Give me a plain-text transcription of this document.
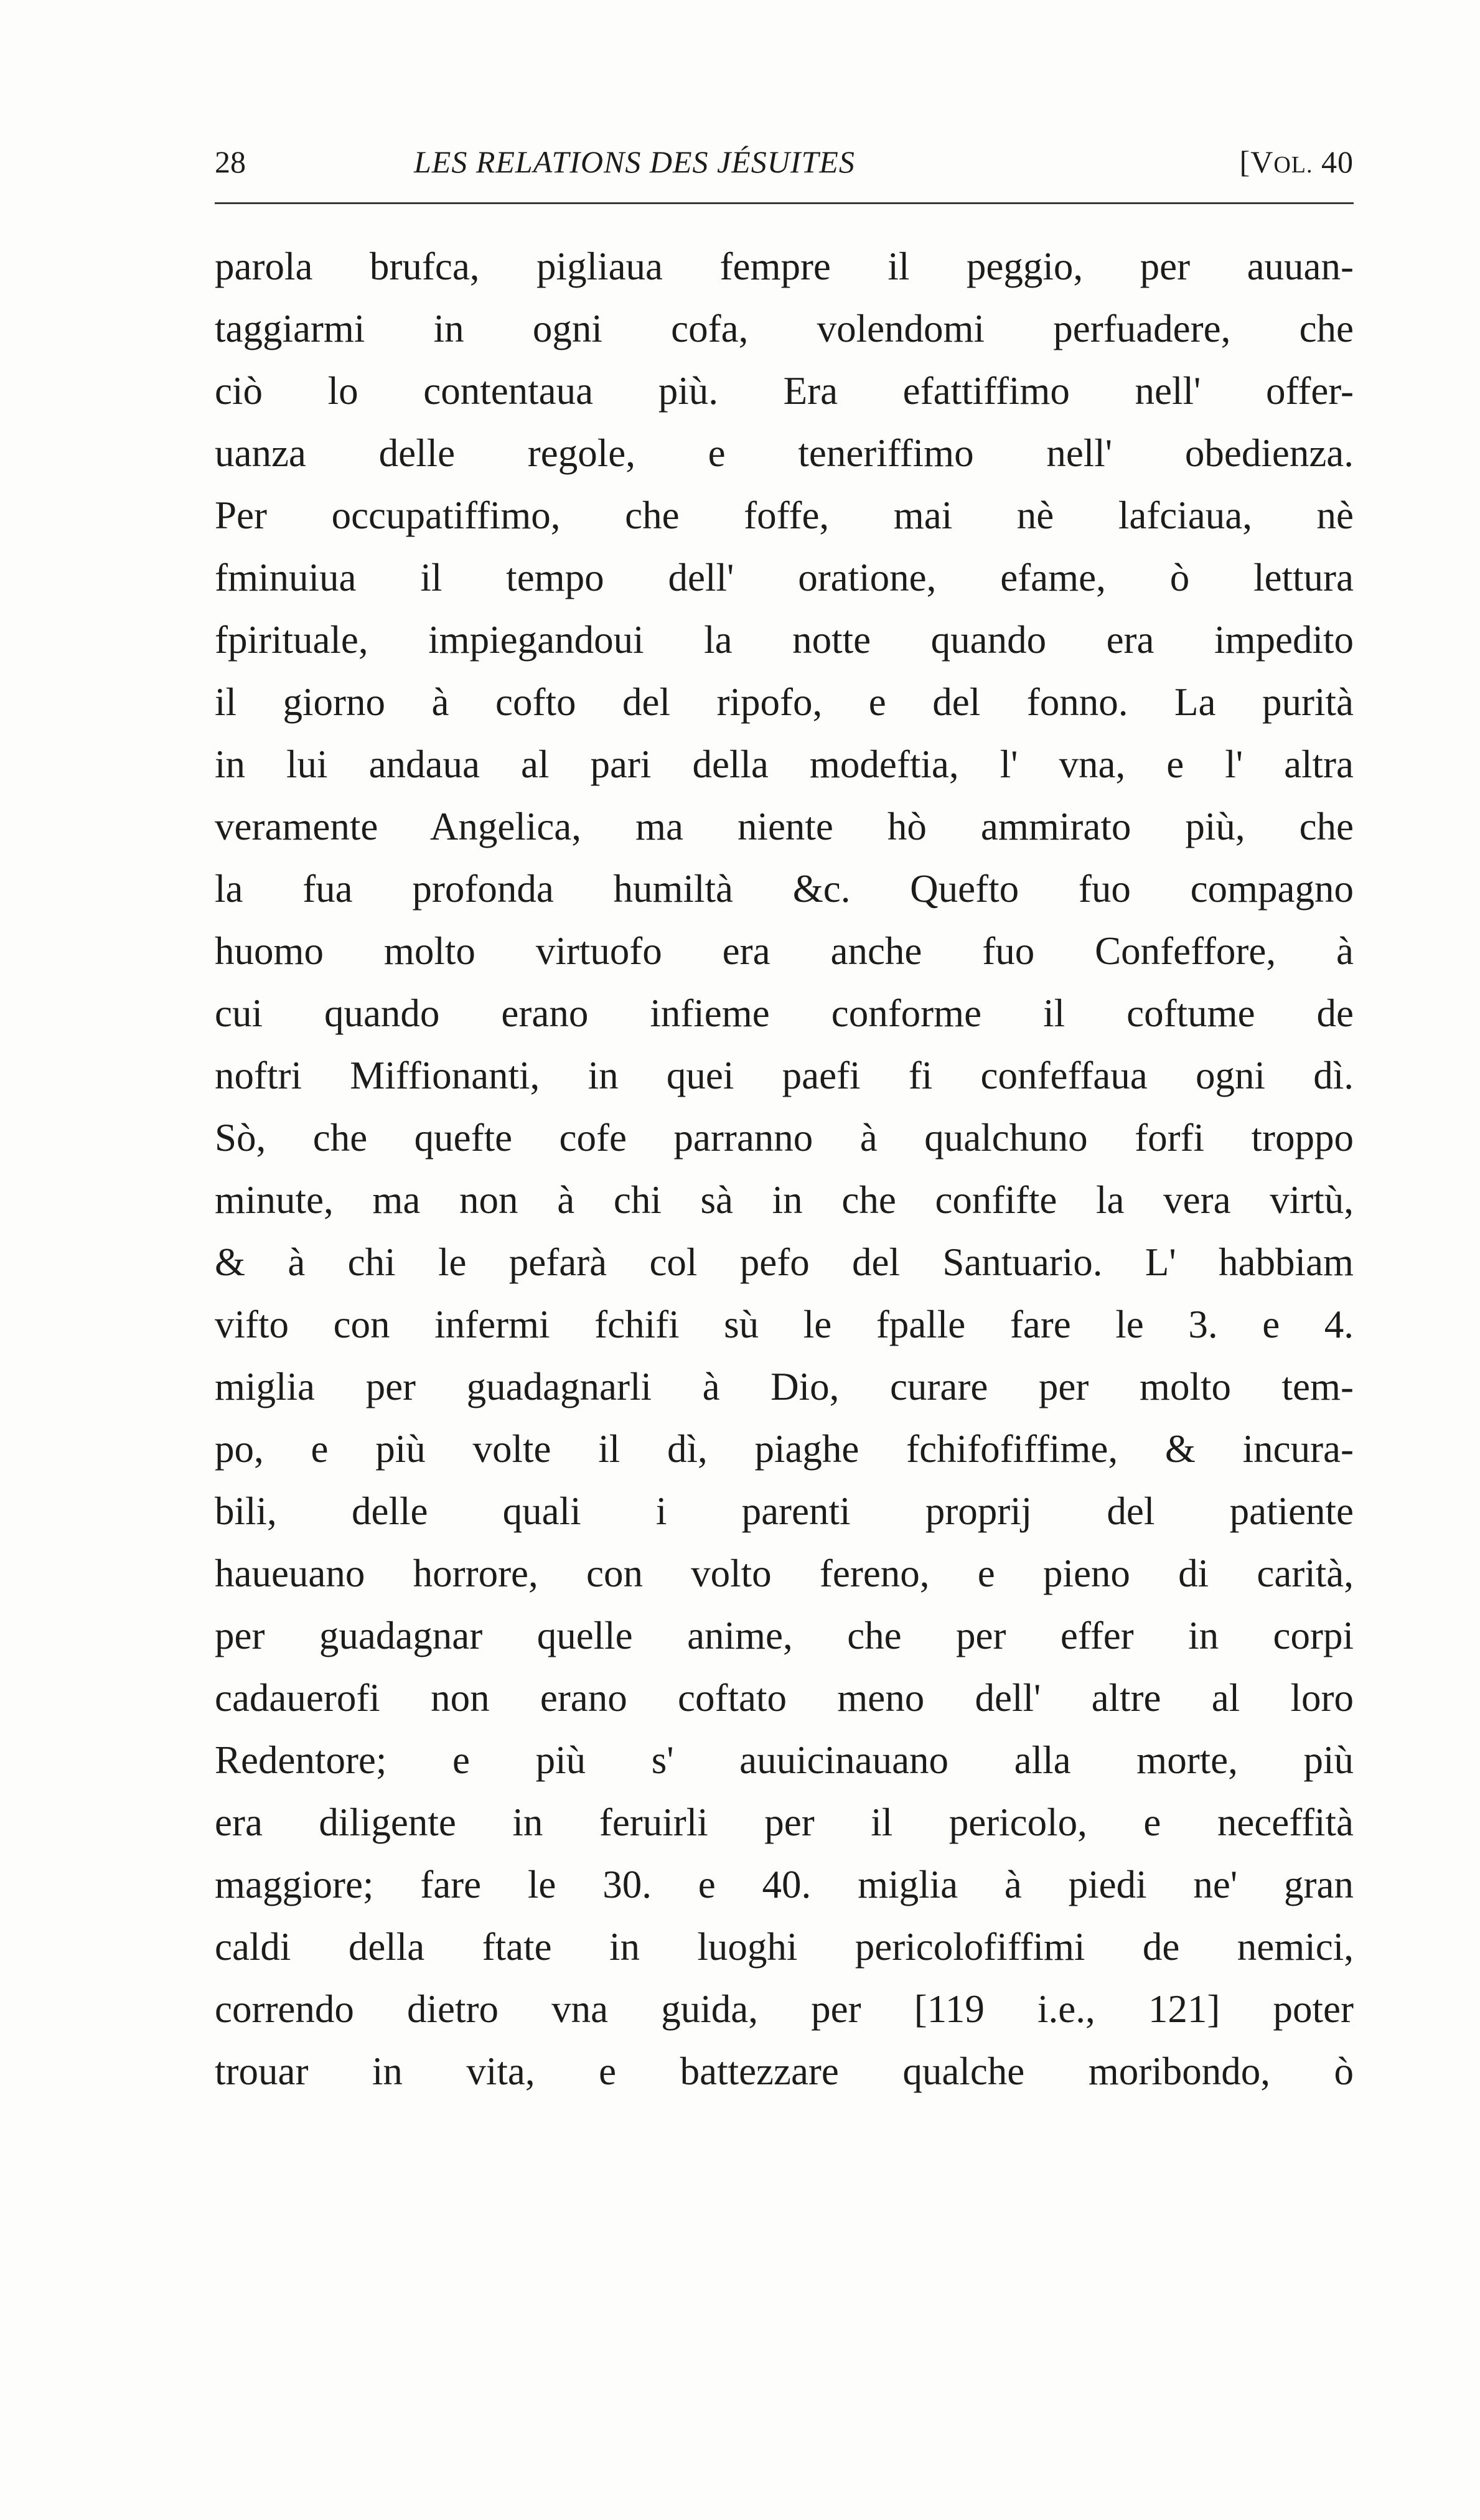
28	LES RELATIONS DES JÉSUITES	[VOL. 40
parola brufca, pigliaua fempre il peggio, per auuan-
taggiarmi in ogni cofa, volendomi perfuadere, che
ciò lo contentaua più. Era efattiffimo nell' offer-
uanza delle regole, e teneriffimo nell' obedienza.
Per occupatiffimo, che foffe, mai nè lafciaua, nè
fminuiua il tempo dell' oratione, efame, ò lettura
fpirituale, impiegandoui la notte quando era impedito
il giorno à cofto del ripofo, e del fonno. La purità
in lui andaua al pari della modeftia, l' vna, e l' altra
veramente Angelica, ma niente hò ammirato più, che
la fua profonda humiltà &c. Quefto fuo compagno
huomo molto virtuofo era anche fuo Confeffore, à
cui quando erano infieme conforme il coftume de
noftri Miffionanti, in quei paefi fi confeffaua ogni dì.
Sò, che quefte cofe parranno à qualchuno forfi troppo
minute, ma non à chi sà in che confifte la vera virtù,
& à chi le pefarà col pefo del Santuario. L' habbiam
vifto con infermi fchifi sù le fpalle fare le 3. e 4.
miglia per guadagnarli à Dio, curare per molto tem-
po, e più volte il dì, piaghe fchifofiffime, & incura-
bili, delle quali i parenti proprij del patiente
haueuano horrore, con volto fereno, e pieno di carità,
per guadagnar quelle anime, che per effer in corpi
cadauerofi non erano coftato meno dell' altre al loro
Redentore; e più s' auuicinauano alla morte, più
era diligente in feruirli per il pericolo, e neceffità
maggiore; fare le 30. e 40. miglia à piedi ne' gran
caldi della ftate in luoghi pericolofiffimi de nemici,
correndo dietro vna guida, per [119 i.e., 121] poter
trouar in vita, e battezzare qualche moribondo, ò
